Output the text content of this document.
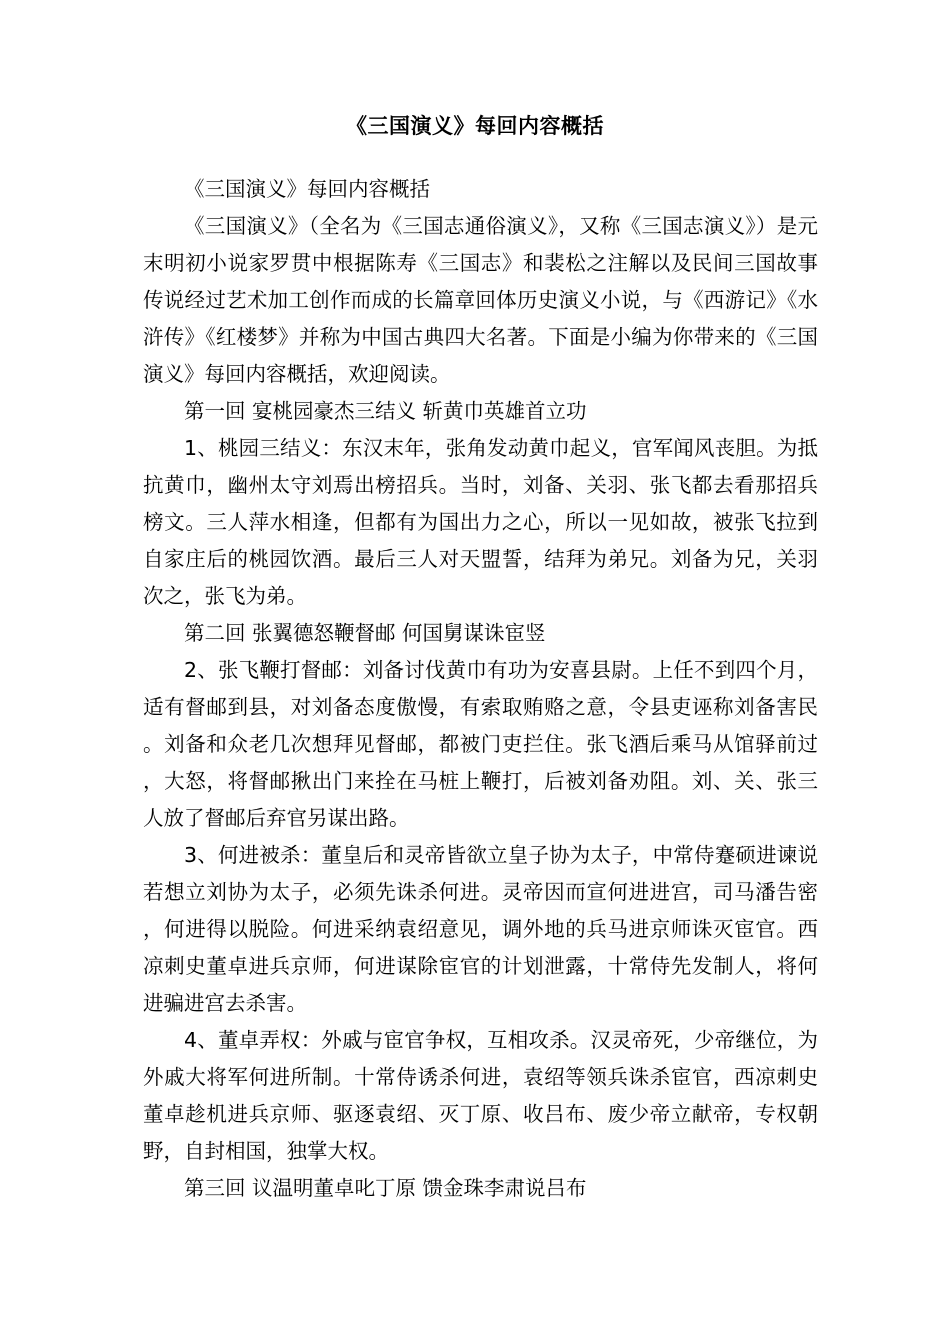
《三国演义》每回内容概括

《三国演义》每回内容概括

《三国演义》（全名为《三国志通俗演义》，又称《三国志演义》）是元末明初小说家罗贯中根据陈寿《三国志》和裴松之注解以及民间三国故事传说经过艺术加工创作而成的长篇章回体历史演义小说，与《西游记》《水浒传》《红楼梦》并称为中国古典四大名著。下面是小编为你带来的《三国演义》每回内容概括，欢迎阅读。

第一回 宴桃园豪杰三结义 斩黄巾英雄首立功

1、桃园三结义：东汉末年，张角发动黄巾起义，官军闻风丧胆。为抵抗黄巾，幽州太守刘焉出榜招兵。当时，刘备、关羽、张飞都去看那招兵榜文。三人萍水相逢，但都有为国出力之心，所以一见如故，被张飞拉到自家庄后的桃园饮酒。最后三人对天盟誓，结拜为弟兄。刘备为兄，关羽次之，张飞为弟。

第二回 张翼德怒鞭督邮 何国舅谋诛宦竖

2、张飞鞭打督邮：刘备讨伐黄巾有功为安喜县尉。上任不到四个月，适有督邮到县，对刘备态度傲慢，有索取贿赂之意，令县吏诬称刘备害民。刘备和众老几次想拜见督邮，都被门吏拦住。张飞酒后乘马从馆驿前过，大怒，将督邮揪出门来拴在马桩上鞭打，后被刘备劝阻。刘、关、张三人放了督邮后弃官另谋出路。

3、何进被杀：董皇后和灵帝皆欲立皇子协为太子，中常侍蹇硕进谏说若想立刘协为太子，必须先诛杀何进。灵帝因而宣何进进宫，司马潘告密，何进得以脱险。何进采纳袁绍意见，调外地的兵马进京师诛灭宦官。西凉刺史董卓进兵京师，何进谋除宦官的计划泄露，十常侍先发制人，将何进骗进宫去杀害。

4、董卓弄权：外戚与宦官争权，互相攻杀。汉灵帝死，少帝继位，为外戚大将军何进所制。十常侍诱杀何进，袁绍等领兵诛杀宦官，西凉刺史董卓趁机进兵京师、驱逐袁绍、灭丁原、收吕布、废少帝立献帝，专权朝野，自封相国，独掌大权。

第三回 议温明董卓叱丁原 馈金珠李肃说吕布
